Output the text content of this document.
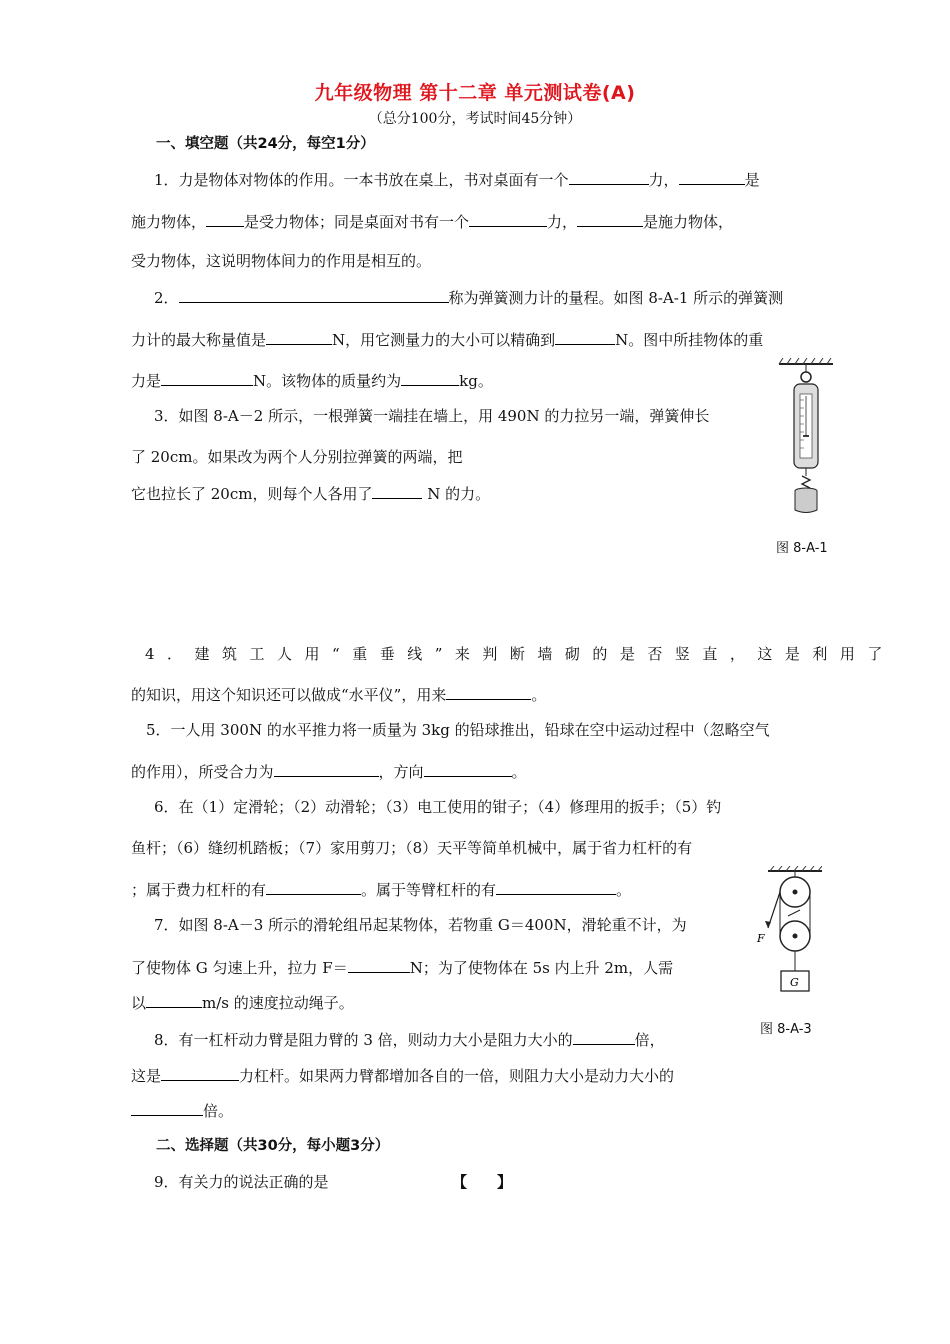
九年级物理 第十二章 单元测试卷(A)
（总分100分，考试时间45分钟）
一、填空题（共24分，每空1分）
1．力是物体对物体的作用。一本书放在桌上，书对桌面有一个	力，	是
施力物体，	是受力物体；同是桌面对书有一个	力，	是施力物体，
受力物体，这说明物体间力的作用是相互的。
2．	称为弹簧测力计的量程。如图 8-A-1 所示的弹簧测
力计的最大称量值是	N，用它测量力的大小可以精确到	N。图中所挂物体的重
力是	N。该物体的质量约为	kg。
3．如图 8-A－2 所示，一根弹簧一端挂在墙上，用 490N 的力拉另一端，弹簧伸长
了 20cm。如果改为两个人分别拉弹簧的两端，把
它也拉长了 20cm，则每个人各用了	N 的力。
图 8-A-1
4．建筑工人用“重垂线”来判断墙砌的是否竖直，这是利用了
的知识，用这个知识还可以做成“水平仪”，用来	。
5．一人用 300N 的水平推力将一质量为 3kg 的铅球推出，铅球在空中运动过程中（忽略空气
的作用），所受合力为	，方向	。
6．在（1）定滑轮；（2）动滑轮；（3）电工使用的钳子；（4）修理用的扳手；（5）钓
鱼杆；（6）缝纫机踏板；（7）家用剪刀；（8）天平等简单机械中，属于省力杠杆的有
；属于费力杠杆的有	。属于等臂杠杆的有	。
F
G
7．如图 8-A－3 所示的滑轮组吊起某物体，若物重 G＝400N，滑轮重不计，为
了使物体 G 匀速上升，拉力 F＝	N；为了使物体在 5s 内上升 2m，人需
以	m/s 的速度拉动绳子。
图 8-A-3
8．有一杠杆动力臂是阻力臂的 3 倍，则动力大小是阻力大小的	倍，
这是	力杠杆。如果两力臂都增加各自的一倍，则阻力大小是动力大小的
倍。
二、选择题（共30分，每小题3分）
9．有关力的说法正确的是	【　　】
